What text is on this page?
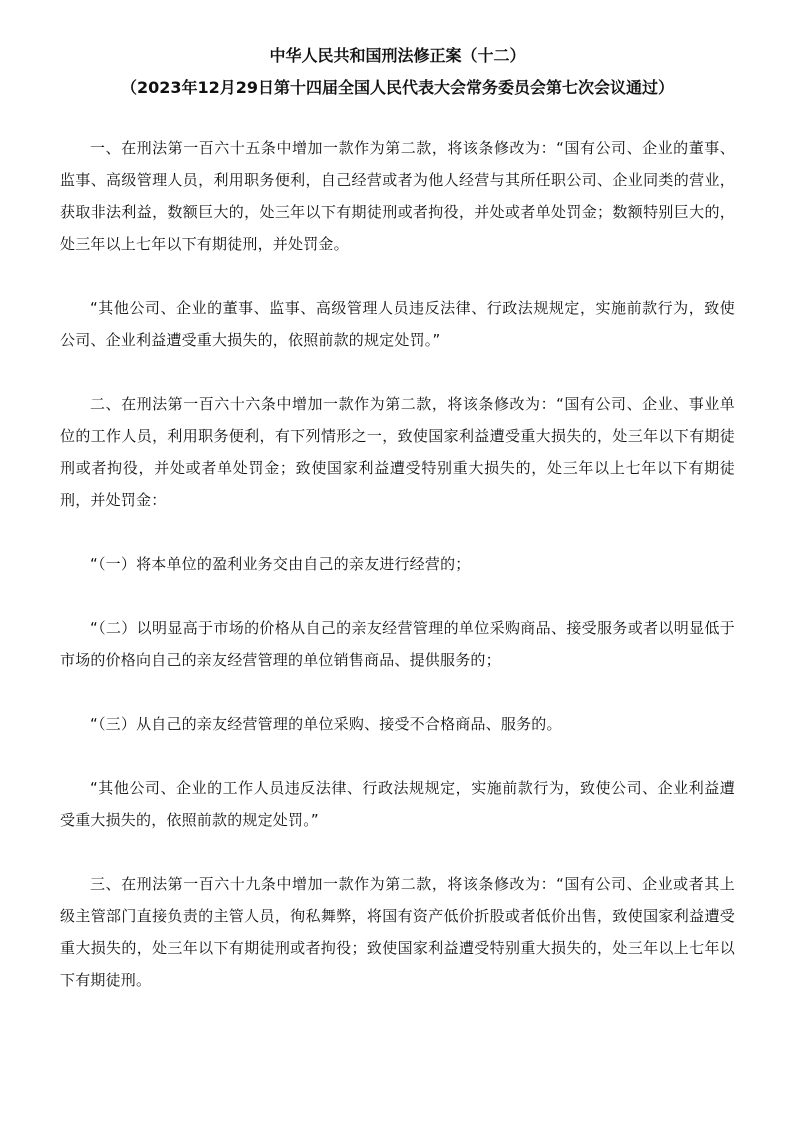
中华人民共和国刑法修正案（十二）
（2023年12月29日第十四届全国人民代表大会常务委员会第七次会议通过）

一、在刑法第一百六十五条中增加一款作为第二款，将该条修改为：“国有公司、企业的董事、监事、高级管理人员，利用职务便利，自己经营或者为他人经营与其所任职公司、企业同类的营业，获取非法利益，数额巨大的，处三年以下有期徒刑或者拘役，并处或者单处罚金；数额特别巨大的，处三年以上七年以下有期徒刑，并处罚金。

“其他公司、企业的董事、监事、高级管理人员违反法律、行政法规规定，实施前款行为，致使公司、企业利益遭受重大损失的，依照前款的规定处罚。”

二、在刑法第一百六十六条中增加一款作为第二款，将该条修改为：“国有公司、企业、事业单位的工作人员，利用职务便利，有下列情形之一，致使国家利益遭受重大损失的，处三年以下有期徒刑或者拘役，并处或者单处罚金；致使国家利益遭受特别重大损失的，处三年以上七年以下有期徒刑，并处罚金：

“（一）将本单位的盈利业务交由自己的亲友进行经营的；

“（二）以明显高于市场的价格从自己的亲友经营管理的单位采购商品、接受服务或者以明显低于市场的价格向自己的亲友经营管理的单位销售商品、提供服务的；

“（三）从自己的亲友经营管理的单位采购、接受不合格商品、服务的。

“其他公司、企业的工作人员违反法律、行政法规规定，实施前款行为，致使公司、企业利益遭受重大损失的，依照前款的规定处罚。”

三、在刑法第一百六十九条中增加一款作为第二款，将该条修改为：“国有公司、企业或者其上级主管部门直接负责的主管人员，徇私舞弊，将国有资产低价折股或者低价出售，致使国家利益遭受重大损失的，处三年以下有期徒刑或者拘役；致使国家利益遭受特别重大损失的，处三年以上七年以下有期徒刑。
